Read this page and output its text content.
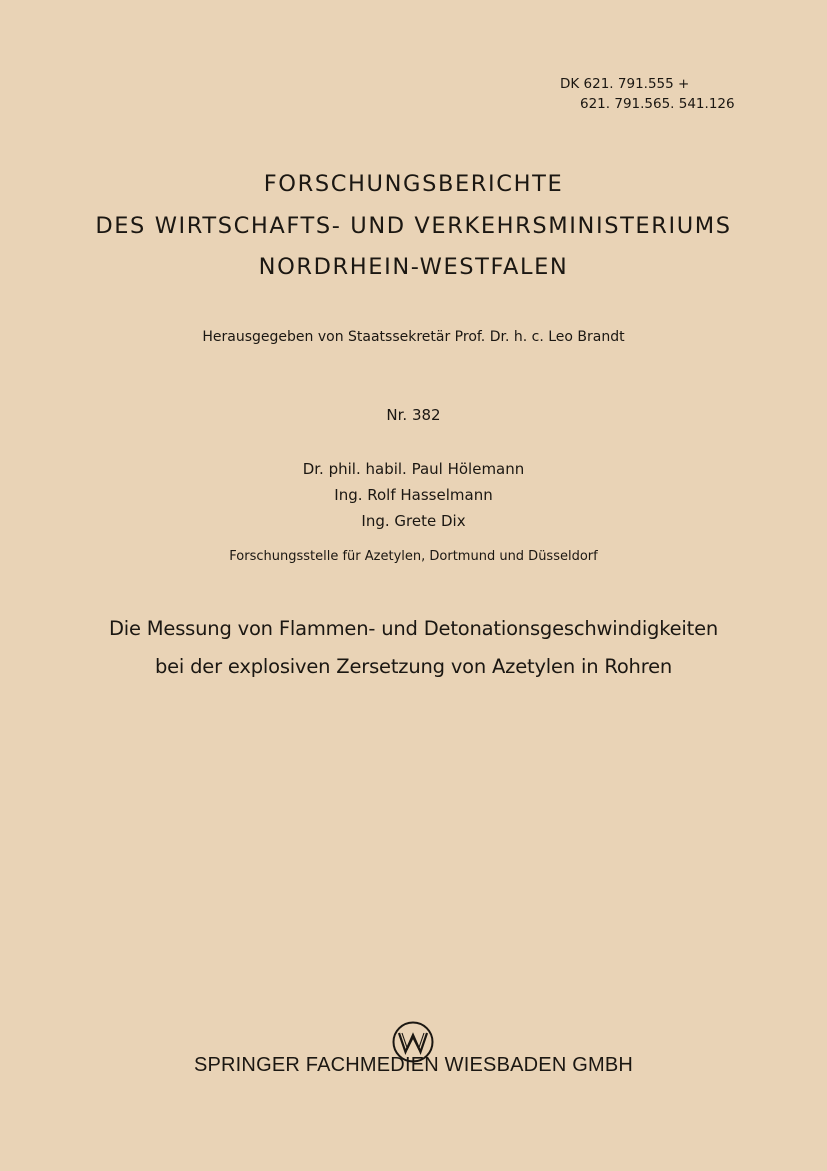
DK 621. 791.555 +
621. 791.565. 541.126
FORSCHUNGSBERICHTE
DES WIRTSCHAFTS- UND VERKEHRSMINISTERIUMS
NORDRHEIN-WESTFALEN
Herausgegeben von Staatssekretär Prof. Dr. h. c. Leo Brandt
Nr. 382
Dr. phil. habil. Paul Hölemann
Ing. Rolf Hasselmann
Ing. Grete Dix
Forschungsstelle für Azetylen, Dortmund und Düsseldorf
Die Messung von Flammen- und Detonationsgeschwindigkeiten
bei der explosiven Zersetzung von Azetylen in Rohren
SPRINGER FACHMEDIEN WIESBADEN GMBH
